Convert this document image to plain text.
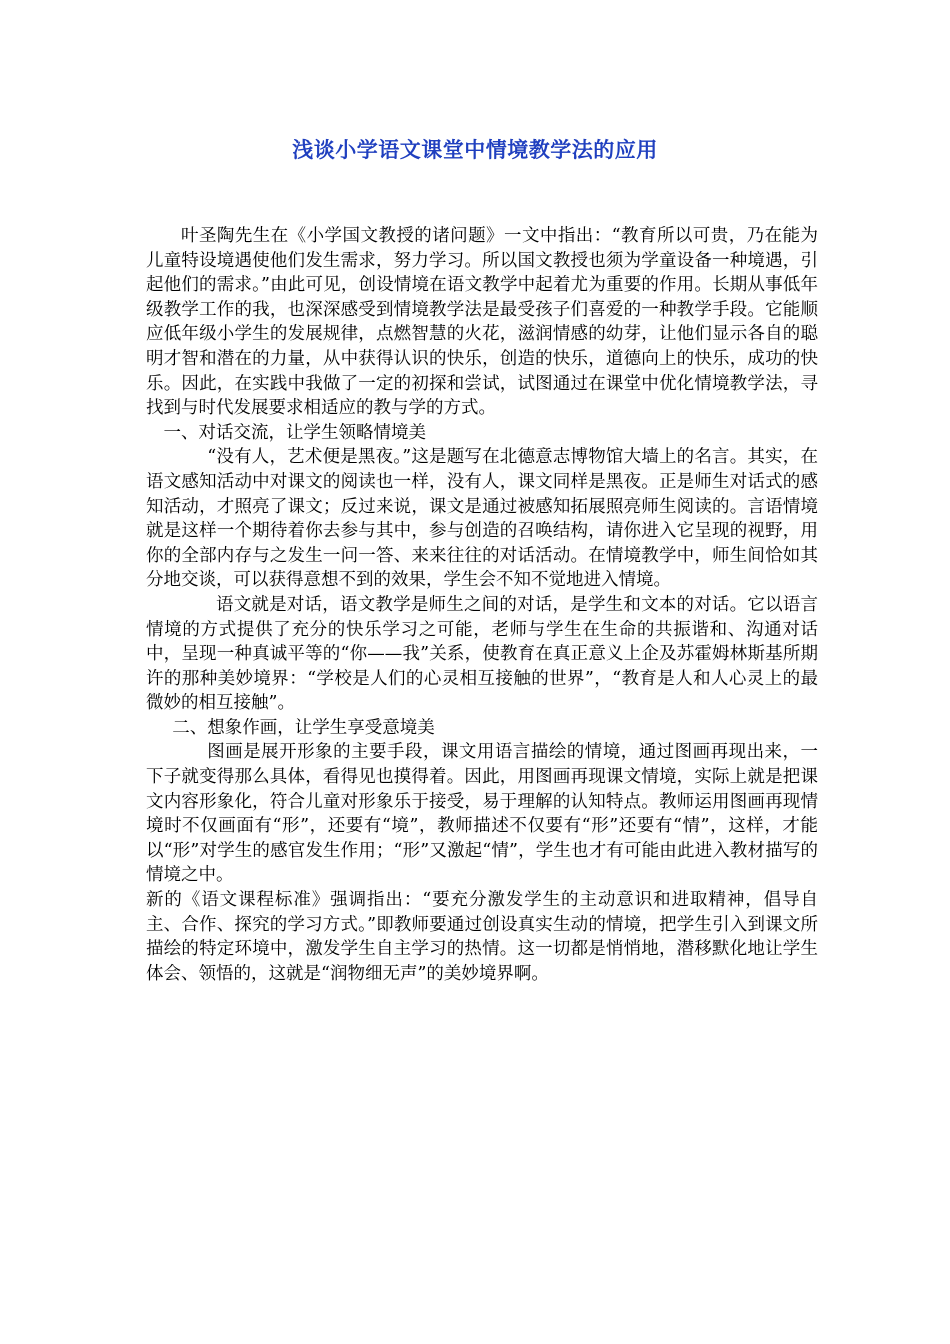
浅谈小学语文课堂中情境教学法的应用

叶圣陶先生在《小学国文教授的诸问题》一文中指出：“教育所以可贵，乃在能为儿童特设境遇使他们发生需求，努力学习。所以国文教授也须为学童设备一种境遇，引起他们的需求。”由此可见，创设情境在语文教学中起着尤为重要的作用。长期从事低年级教学工作的我，也深深感受到情境教学法是最受孩子们喜爱的一种教学手段。它能顺应低年级小学生的发展规律，点燃智慧的火花，滋润情感的幼芽，让他们显示各自的聪明才智和潜在的力量，从中获得认识的快乐，创造的快乐，道德向上的快乐，成功的快乐。因此，在实践中我做了一定的初探和尝试，试图通过在课堂中优化情境教学法，寻找到与时代发展要求相适应的教与学的方式。

一、对话交流，让学生领略情境美

“没有人，艺术便是黑夜。”这是题写在北德意志博物馆大墙上的名言。其实，在语文感知活动中对课文的阅读也一样，没有人，课文同样是黑夜。正是师生对话式的感知活动，才照亮了课文；反过来说，课文是通过被感知拓展照亮师生阅读的。言语情境就是这样一个期待着你去参与其中，参与创造的召唤结构，请你进入它呈现的视野，用你的全部内存与之发生一问一答、来来往往的对话活动。在情境教学中，师生间恰如其分地交谈，可以获得意想不到的效果，学生会不知不觉地进入情境。

语文就是对话，语文教学是师生之间的对话，是学生和文本的对话。它以语言情境的方式提供了充分的快乐学习之可能，老师与学生在生命的共振谐和、沟通对话中，呈现一种真诚平等的“你——我”关系，使教育在真正意义上企及苏霍姆林斯基所期许的那种美妙境界：“学校是人们的心灵相互接触的世界”，“教育是人和人心灵上的最微妙的相互接触”。

二、想象作画，让学生享受意境美

图画是展开形象的主要手段，课文用语言描绘的情境，通过图画再现出来，一下子就变得那么具体，看得见也摸得着。因此，用图画再现课文情境，实际上就是把课文内容形象化，符合儿童对形象乐于接受，易于理解的认知特点。教师运用图画再现情境时不仅画面有“形”，还要有“境”，教师描述不仅要有“形”还要有“情”，这样，才能以“形”对学生的感官发生作用；“形”又激起“情”，学生也才有可能由此进入教材描写的情境之中。

新的《语文课程标准》强调指出：“要充分激发学生的主动意识和进取精神，倡导自主、合作、探究的学习方式。”即教师要通过创设真实生动的情境，把学生引入到课文所描绘的特定环境中，激发学生自主学习的热情。这一切都是悄悄地，潜移默化地让学生体会、领悟的，这就是“润物细无声”的美妙境界啊。
